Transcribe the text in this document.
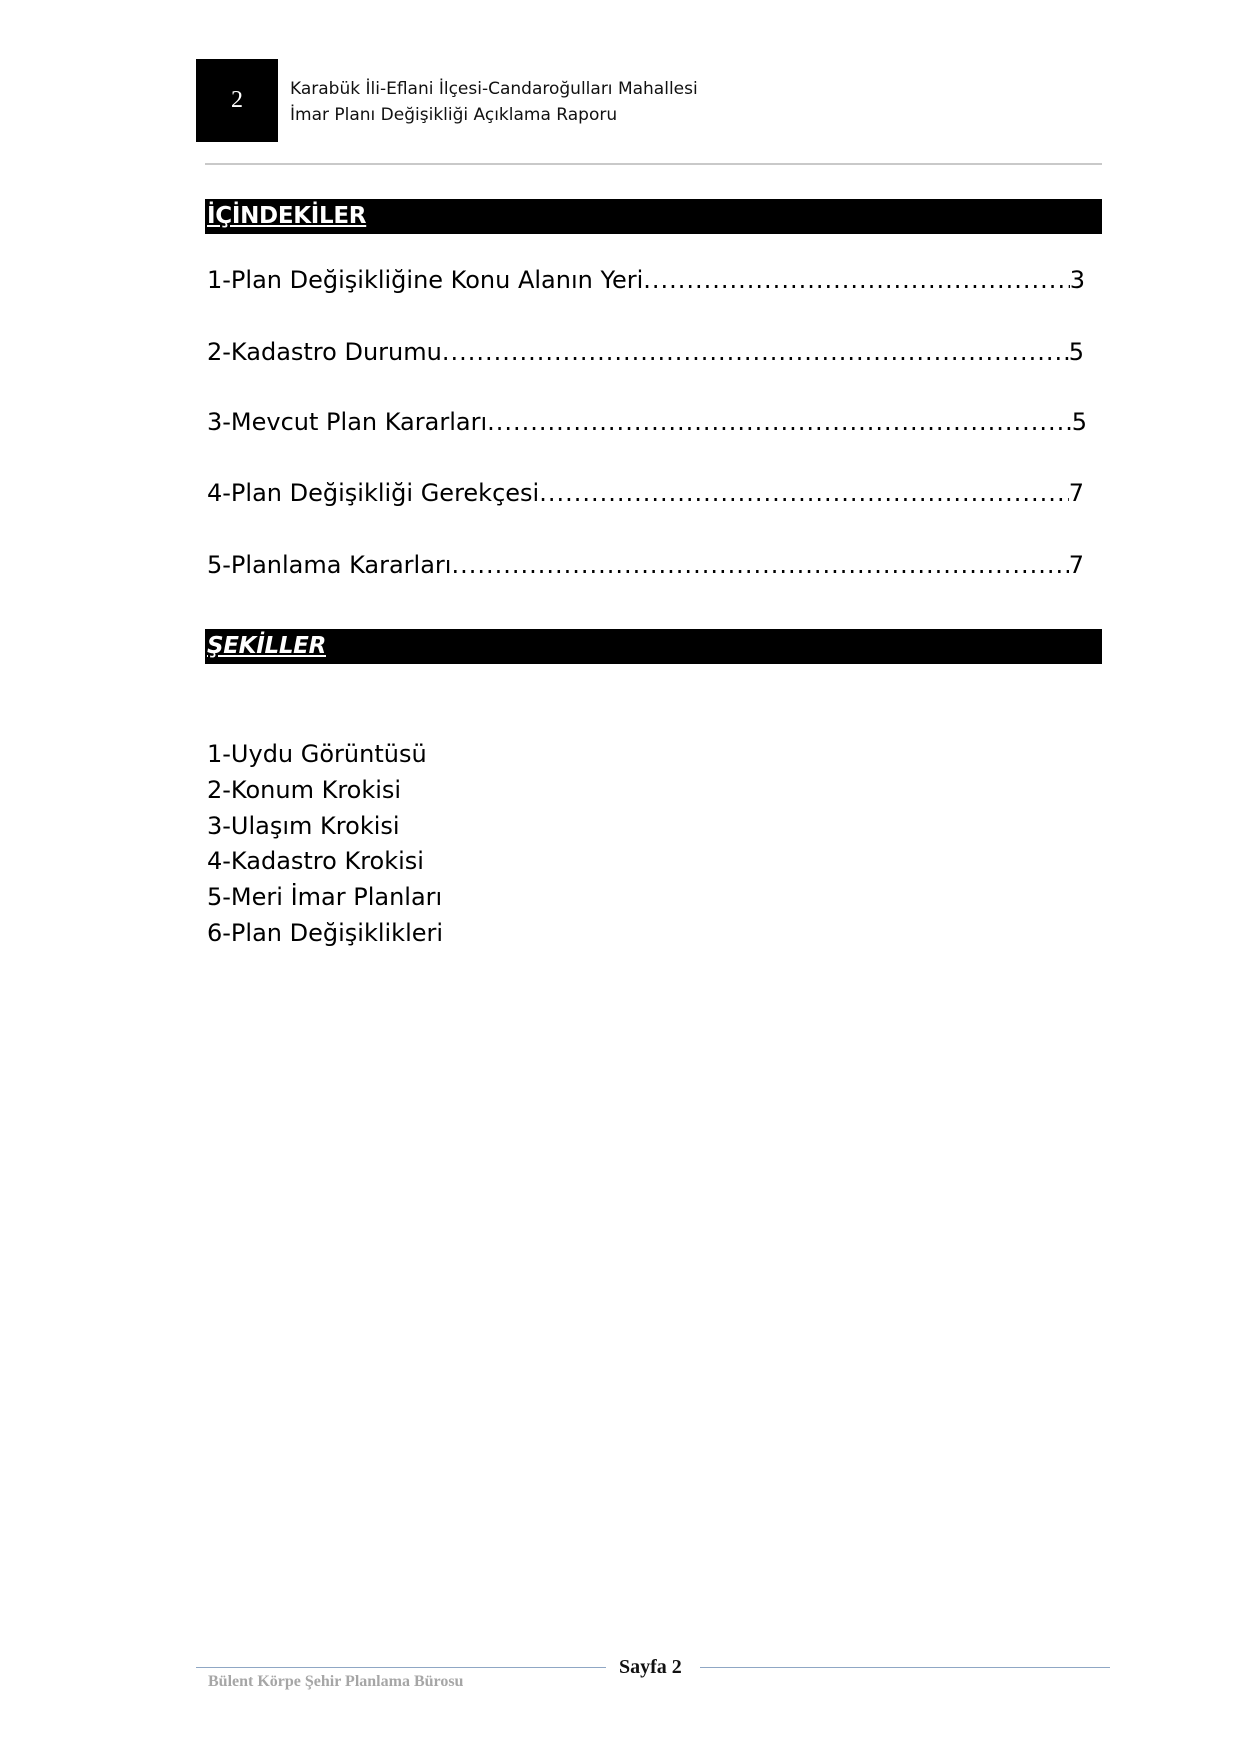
2	Karabük İli-Eflani İlçesi-Candaroğulları Mahallesi
İmar Planı Değişikliği Açıklama Raporu
İÇİNDEKİLER
1-Plan Değişikliğine Konu Alanın Yeri .....	3
2-Kadastro Durumu .....	5
3-Mevcut Plan Kararları .....	5
4-Plan Değişikliği Gerekçesi .....	7
5-Planlama Kararları .....	7
ŞEKİLLER
1-Uydu Görüntüsü
2-Konum Krokisi
3-Ulaşım Krokisi
4-Kadastro Krokisi
5-Meri İmar Planları
6-Plan Değişiklikleri
Sayfa 2
Bülent Körpe Şehir Planlama Bürosu
